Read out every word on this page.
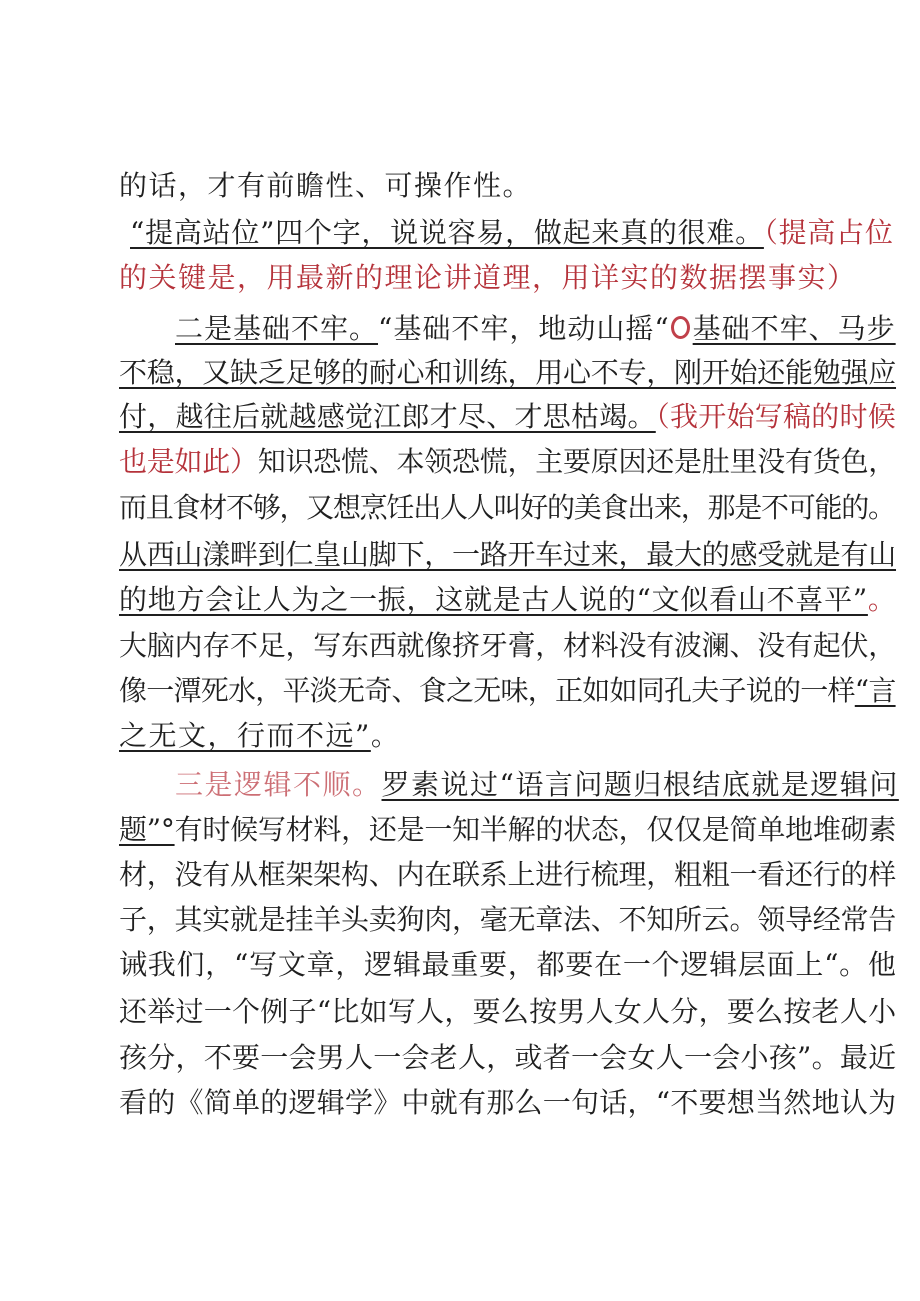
的话，才有前瞻性、可操作性。
“提高站位”四个字，说说容易，做起来真的很难。（提高占位
的关键是，用最新的理论讲道理，用详实的数据摆事实）
二是基础不牢。“基础不牢，地动山摇“○ 基础不牢、马步
不稳，又缺乏足够的耐心和训练，用心不专，刚开始还能勉强应
付，越往后就越感觉江郎才尽、才思枯竭。（我开始写稿的时候
也是如此）知识恐慌、本领恐慌，主要原因还是肚里没有货色，
而且食材不够，又想烹饪出人人叫好的美食出来，那是不可能的。
从西山漾畔到仁皇山脚下，一路开车过来，最大的感受就是有山
的地方会让人为之一振，这就是古人说的“文似看山不喜平”。
大脑内存不足，写东西就像挤牙膏，材料没有波澜、没有起伏，
像一潭死水，平淡无奇、食之无味，正如如同孔夫子说的一样“言
之无文，行而不远”。
三是逻辑不顺。罗素说过“语言问题归根结底就是逻辑问
题”°有时候写材料，还是一知半解的状态，仅仅是简单地堆砌素
材，没有从框架架构、内在联系上进行梳理，粗粗一看还行的样
子，其实就是挂羊头卖狗肉，毫无章法、不知所云。领导经常告
诫我们，“写文章，逻辑最重要，都要在一个逻辑层面上“。他
还举过一个例子“比如写人，要么按男人女人分，要么按老人小
孩分，不要一会男人一会老人，或者一会女人一会小孩”。最近
看的《简单的逻辑学》中就有那么一句话，“不要想当然地认为
